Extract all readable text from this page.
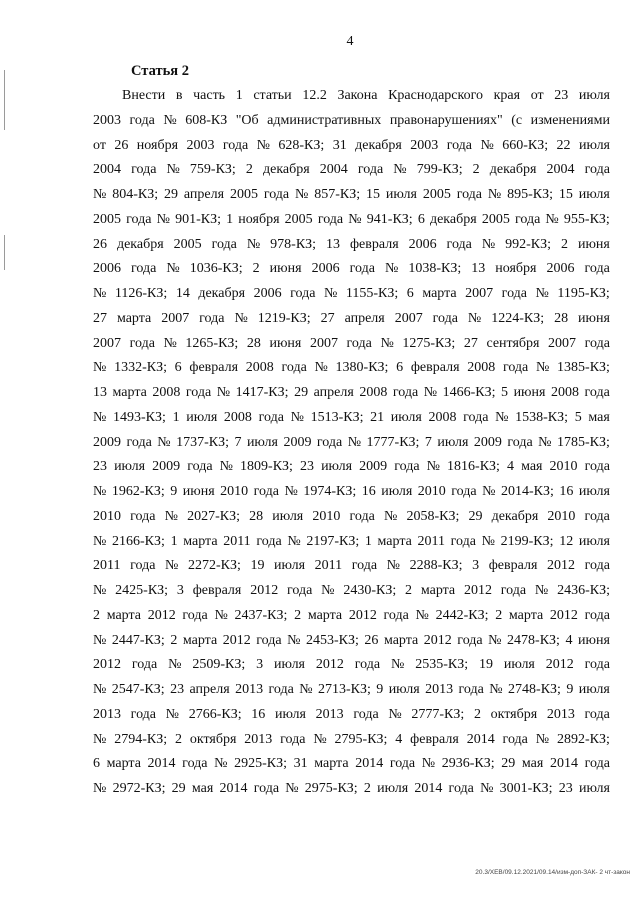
4
Статья 2
Внести в часть 1 статьи 12.2 Закона Краснодарского края от 23 июля
2003 года № 608-КЗ "Об административных правонарушениях" (с изменениями
от 26 ноября 2003 года № 628-КЗ; 31 декабря 2003 года № 660-КЗ; 22 июля
2004 года № 759-КЗ; 2 декабря 2004 года № 799-КЗ; 2 декабря 2004 года
№ 804-КЗ; 29 апреля 2005 года № 857-КЗ; 15 июля 2005 года № 895-КЗ; 15 июля
2005 года № 901-КЗ; 1 ноября 2005 года № 941-КЗ; 6 декабря 2005 года № 955-КЗ;
26 декабря 2005 года № 978-КЗ; 13 февраля 2006 года № 992-КЗ; 2 июня
2006 года № 1036-КЗ; 2 июня 2006 года № 1038-КЗ; 13 ноября 2006 года
№ 1126-КЗ; 14 декабря 2006 года № 1155-КЗ; 6 марта 2007 года № 1195-КЗ;
27 марта 2007 года № 1219-КЗ; 27 апреля 2007 года № 1224-КЗ; 28 июня
2007 года № 1265-КЗ; 28 июня 2007 года № 1275-КЗ; 27 сентября 2007 года
№ 1332-КЗ; 6 февраля 2008 года № 1380-КЗ; 6 февраля 2008 года № 1385-КЗ;
13 марта 2008 года № 1417-КЗ; 29 апреля 2008 года № 1466-КЗ; 5 июня 2008 года
№ 1493-КЗ; 1 июля 2008 года № 1513-КЗ; 21 июля 2008 года № 1538-КЗ; 5 мая
2009 года № 1737-КЗ; 7 июля 2009 года № 1777-КЗ; 7 июля 2009 года № 1785-КЗ;
23 июля 2009 года № 1809-КЗ; 23 июля 2009 года № 1816-КЗ; 4 мая 2010 года
№ 1962-КЗ; 9 июня 2010 года № 1974-КЗ; 16 июля 2010 года № 2014-КЗ; 16 июля
2010 года № 2027-КЗ; 28 июля 2010 года № 2058-КЗ; 29 декабря 2010 года
№ 2166-КЗ; 1 марта 2011 года № 2197-КЗ; 1 марта 2011 года № 2199-КЗ; 12 июля
2011 года № 2272-КЗ; 19 июля 2011 года № 2288-КЗ; 3 февраля 2012 года
№ 2425-КЗ; 3 февраля 2012 года № 2430-КЗ; 2 марта 2012 года № 2436-КЗ;
2 марта 2012 года № 2437-КЗ; 2 марта 2012 года № 2442-КЗ; 2 марта 2012 года
№ 2447-КЗ; 2 марта 2012 года № 2453-КЗ; 26 марта 2012 года № 2478-КЗ; 4 июня
2012 года № 2509-КЗ; 3 июля 2012 года № 2535-КЗ; 19 июля 2012 года
№ 2547-КЗ; 23 апреля 2013 года № 2713-КЗ; 9 июля 2013 года № 2748-КЗ; 9 июля
2013 года № 2766-КЗ; 16 июля 2013 года № 2777-КЗ; 2 октября 2013 года
№ 2794-КЗ; 2 октября 2013 года № 2795-КЗ; 4 февраля 2014 года № 2892-КЗ;
6 марта 2014 года № 2925-КЗ; 31 марта 2014 года № 2936-КЗ; 29 мая 2014 года
№ 2972-КЗ; 29 мая 2014 года № 2975-КЗ; 2 июля 2014 года № 3001-КЗ; 23 июля
20.3/ХЕВ/09.12.2021/09.14/изм-доп-ЗАК- 2 чт-закон
